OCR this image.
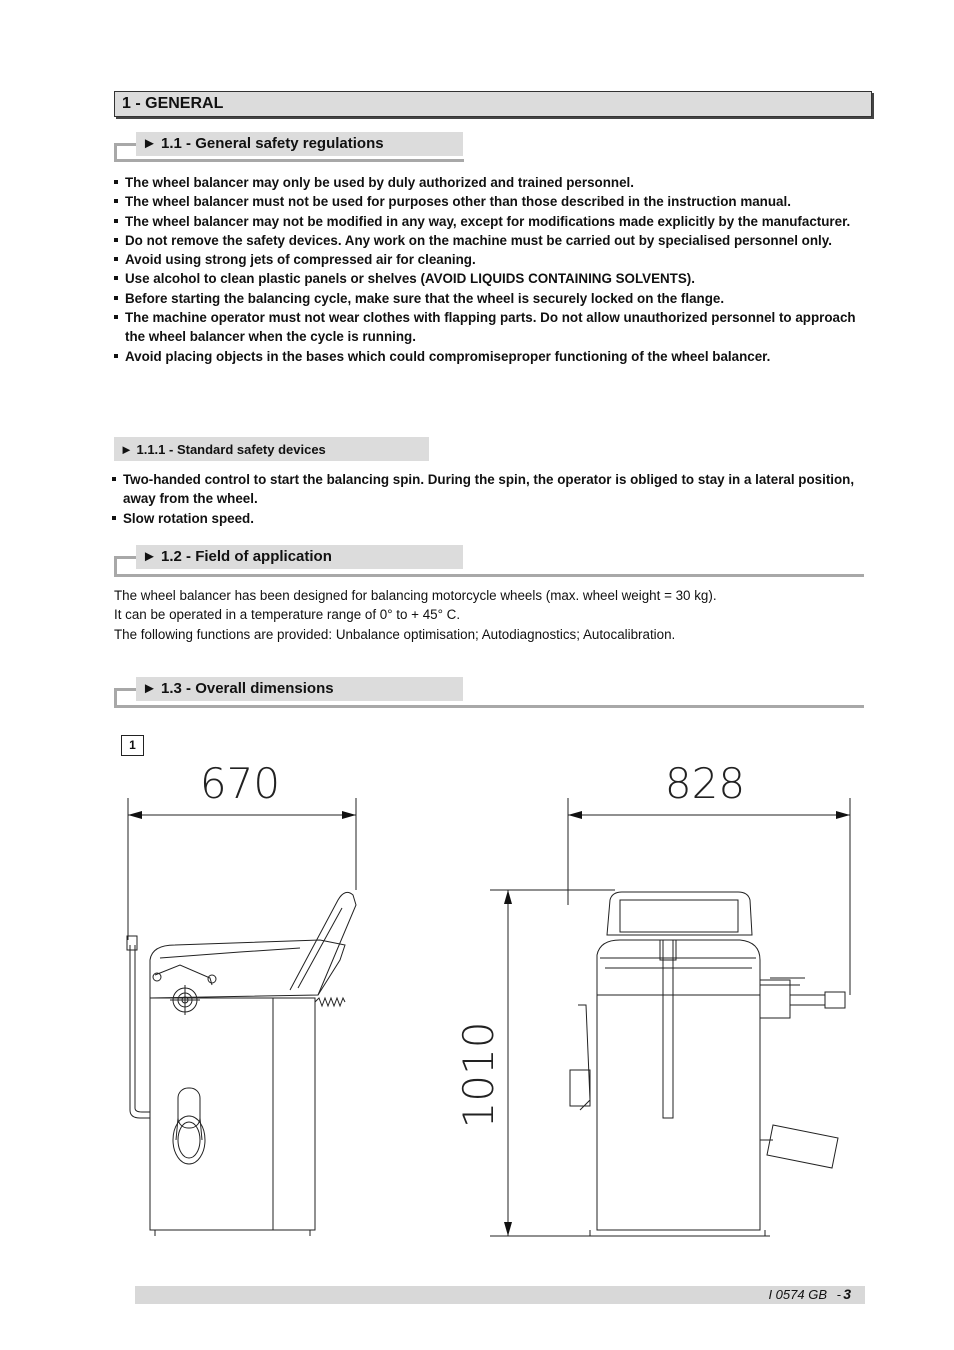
1 - GENERAL
► 1.1 - General safety regulations
The wheel balancer may only be used by duly authorized and trained personnel.
The wheel balancer must not be used for purposes other than those described in the instruction manual.
The wheel balancer may not be modified in any way, except for modifications made explicitly by the manufacturer.
Do not remove the safety devices. Any work on the machine must be carried out by specialised personnel only.
Avoid using strong jets of compressed air for cleaning.
Use alcohol to clean plastic panels or shelves (AVOID LIQUIDS CONTAINING SOLVENTS).
Before starting the balancing cycle, make sure that the wheel is securely locked on the flange.
The machine operator must not wear clothes with flapping parts. Do not allow unauthorized personnel to approach the wheel balancer when the cycle is running.
Avoid placing objects in the bases which could compromiseproper functioning of the wheel balancer.
► 1.1.1 - Standard safety devices
Two-handed control to start the balancing spin. During the spin, the operator is obliged to stay in a lateral position, away from the wheel.
Slow rotation speed.
► 1.2 - Field of application

The wheel balancer has been designed for balancing motorcycle wheels (max. wheel weight = 30 kg).

It can be operated in a temperature range of 0° to + 45° C.

The following functions are provided: Unbalance optimisation; Autodiagnostics; Autocalibration.

► 1.3 - Overall dimensions
1
670	828
1010
I 0574 GB - 3
